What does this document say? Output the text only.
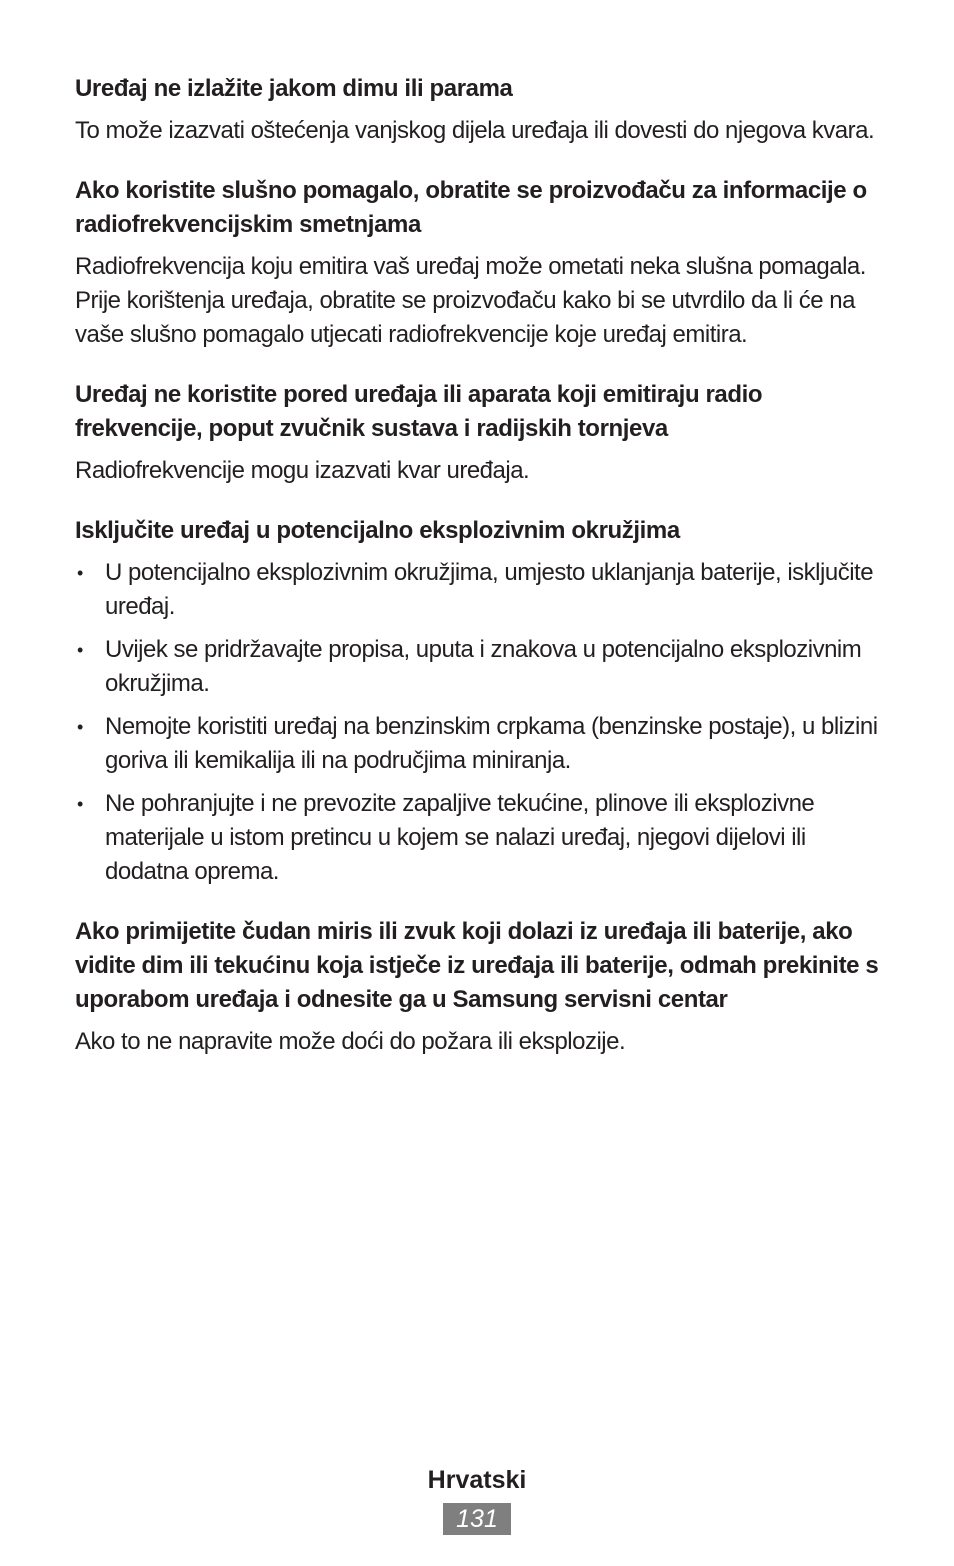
Uređaj ne izlažite jakom dimu ili parama

To može izazvati oštećenja vanjskog dijela uređaja ili dovesti do njegova kvara.

Ako koristite slušno pomagalo, obratite se proizvođaču za informacije o radiofrekvencijskim smetnjama

Radiofrekvencija koju emitira vaš uređaj može ometati neka slušna pomagala. Prije korištenja uređaja, obratite se proizvođaču kako bi se utvrdilo da li će na vaše slušno pomagalo utjecati radiofrekvencije koje uređaj emitira.

Uređaj ne koristite pored uređaja ili aparata koji emitiraju radio frekvencije, poput zvučnik sustava i radijskih tornjeva

Radiofrekvencije mogu izazvati kvar uređaja.

Isključite uređaj u potencijalno eksplozivnim okružjima
• U potencijalno eksplozivnim okružjima, umjesto uklanjanja baterije, isključite uređaj.
• Uvijek se pridržavajte propisa, uputa i znakova u potencijalno eksplozivnim okružjima.
• Nemojte koristiti uređaj na benzinskim crpkama (benzinske postaje), u blizini goriva ili kemikalija ili na područjima miniranja.
• Ne pohranjujte i ne prevozite zapaljive tekućine, plinove ili eksplozivne materijale u istom pretincu u kojem se nalazi uređaj, njegovi dijelovi ili dodatna oprema.
Ako primijetite čudan miris ili zvuk koji dolazi iz uređaja ili baterije, ako vidite dim ili tekućinu koja istječe iz uređaja ili baterije, odmah prekinite s uporabom uređaja i odnesite ga u Samsung servisni centar

Ako to ne napravite može doći do požara ili eksplozije.

Hrvatski
131
